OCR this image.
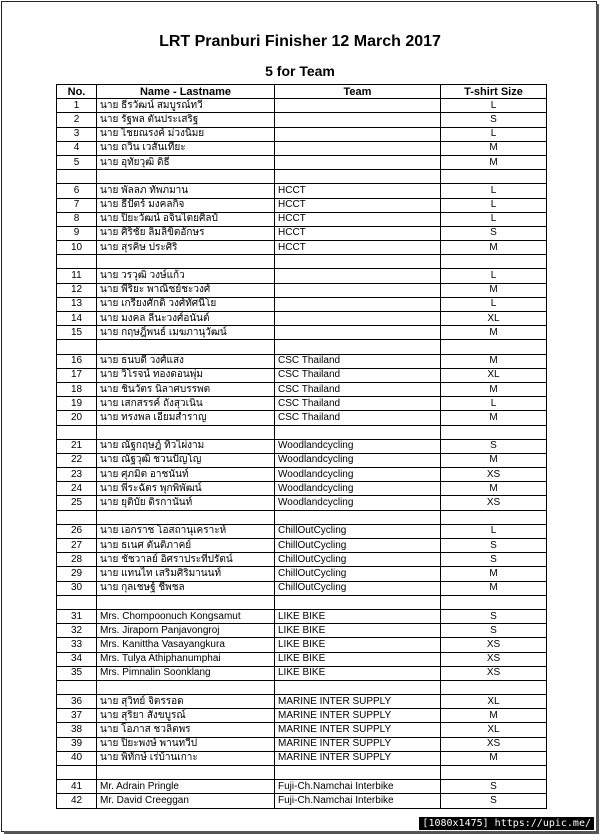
LRT Pranburi Finisher 12 March 2017
5 for Team
No.	Name - Lastname	Team	T-shirt Size
1	นาย ธีรวัฒน์ สมบูรณ์ทวี		L
2	นาย รัฐพล ตันประเสริฐ		S
3	นาย ไชยณรงค์ ม่วงนิ่มย		L
4	นาย ถวิน เวสันเทียะ		M
5	นาย อุทัยวุฒิ ดิธี		M

6	นาย พัลลภ ทัพภมาน	HCCT	L
7	นาย ธีปัตร์ มงคลกิจ	HCCT	L
8	นาย ปิยะวัฒน์ อจินไตยศิลป์	HCCT	L
9	นาย ศิริชัย ลิ้มลิขิตอักษร	HCCT	S
10	นาย สุรคิษ ประศิริ	HCCT	M

11	นาย วรวุฒิ วงษ์แก้ว		L
12	นาย พีริยะ พาณิชย์ชะวงศ์		M
13	นาย เกรียงศักดิ์ วงศ์ทัศนีโย		L
14	นาย มงคล ลีนะวงศ์อนันต์		XL
15	นาย กฤษฎิ์พนธ์ เมฆภานุวัฒน์		M

16	นาย ธนบดี วงศ์แสง	CSC Thailand	M
17	นาย วิโรจน์ ทองดอนพุ่ม	CSC Thailand	XL
18	นาย ชินวัตร นิลาศบรรพต	CSC Thailand	M
19	นาย เสกสรรค์ ถังสุวเนิน	CSC Thailand	L
20	นาย ทรงพล เอี่ยมสำราญ	CSC Thailand	M

21	นาย ณัฐกฤษฎ์ ทิวไผ่งาม	Woodlandcycling	S
22	นาย ณัฐวุฒิ ชวนปัญโญ	Woodlandcycling	M
23	นาย ศุภมิต อาชนันท์	Woodlandcycling	XS
24	นาย พีระฉัตร พุกพิพัฒน์	Woodlandcycling	M
25	นาย ยุติบัย ดิรกานันท์	Woodlandcycling	XS

26	นาย เอกราช โอสถานุเคราะห์	ChillOutCycling	L
27	นาย ธเนศ ตันติภาคย์	ChillOutCycling	S
28	นาย ชัชวาลย์ อิศราประทีปรัตน์	ChillOutCycling	S
29	นาย แทนไท เสริมศิริมานนท์	ChillOutCycling	M
30	นาย กุลเชษฐ์ ชีพชล	ChillOutCycling	M

31	Mrs. Chompoonuch Kongsamut	LIKE BIKE	S
32	Mrs. Jiraporn Panjavongroj	LIKE BIKE	S
33	Mrs. Kanittha Vasayangkura	LIKE BIKE	XS
34	Mrs. Tulya Athiphanumphai	LIKE BIKE	XS
35	Mrs. Pimnalin Soonklang	LIKE BIKE	XS

36	นาย สุวิทย์ จิตรรอด	MARINE INTER SUPPLY	XL
37	นาย สุริยา สังขบูรณ์	MARINE INTER SUPPLY	M
38	นาย โอภาส ชวลิตพร	MARINE INTER SUPPLY	XL
39	นาย ปิยะพงษ์ พานทวีป	MARINE INTER SUPPLY	XS
40	นาย พิทักษ์ เร่บ้านเกาะ	MARINE INTER SUPPLY	M

41	Mr. Adrain Pringle	Fuji-Ch.Namchai Interbike	S
42	Mr. David Creeggan	Fuji-Ch.Namchai Interbike	S
[1080x1475] https://upic.me/
